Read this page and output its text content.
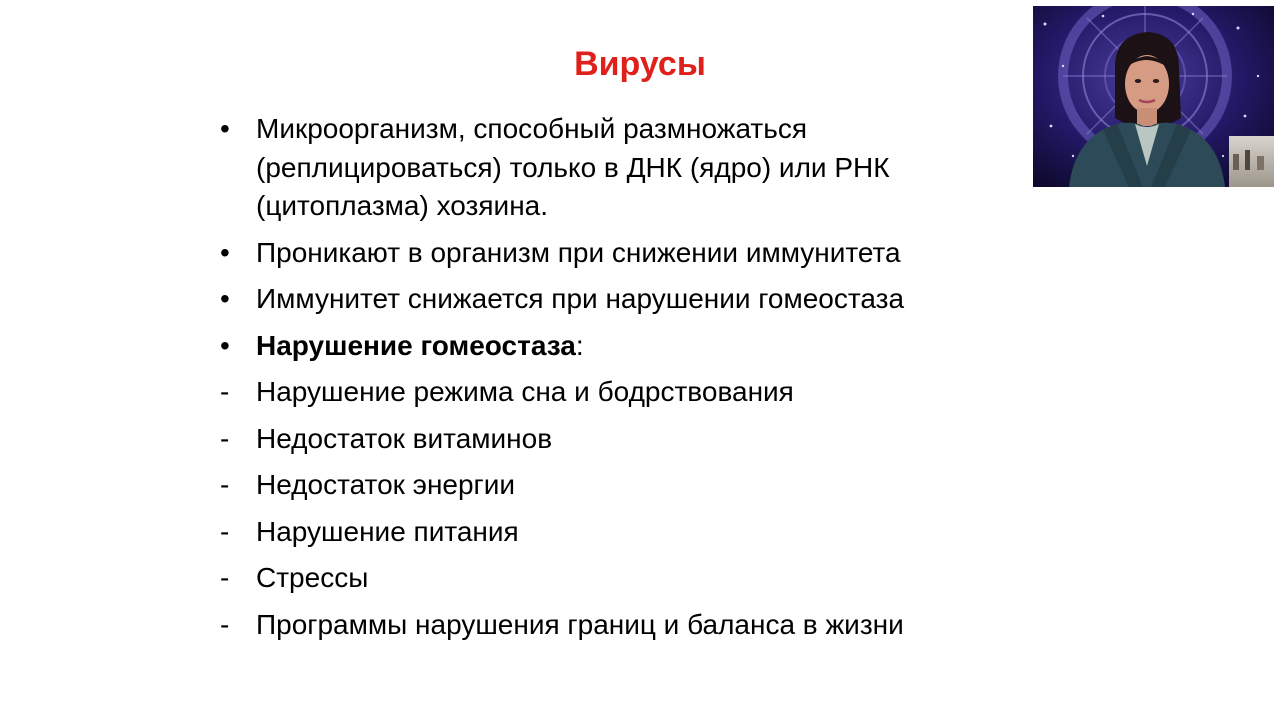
Вирусы
• Микроорганизм, способный размножаться (реплицироваться) только в ДНК (ядро) или РНК (цитоплазма) хозяина.
• Проникают в организм при снижении иммунитета
• Иммунитет снижается при нарушении гомеостаза
• Нарушение гомеостаза:
- Нарушение режима сна и бодрствования
- Недостаток витаминов
- Недостаток энергии
- Нарушение питания
- Стрессы
- Программы нарушения границ и баланса в жизни
